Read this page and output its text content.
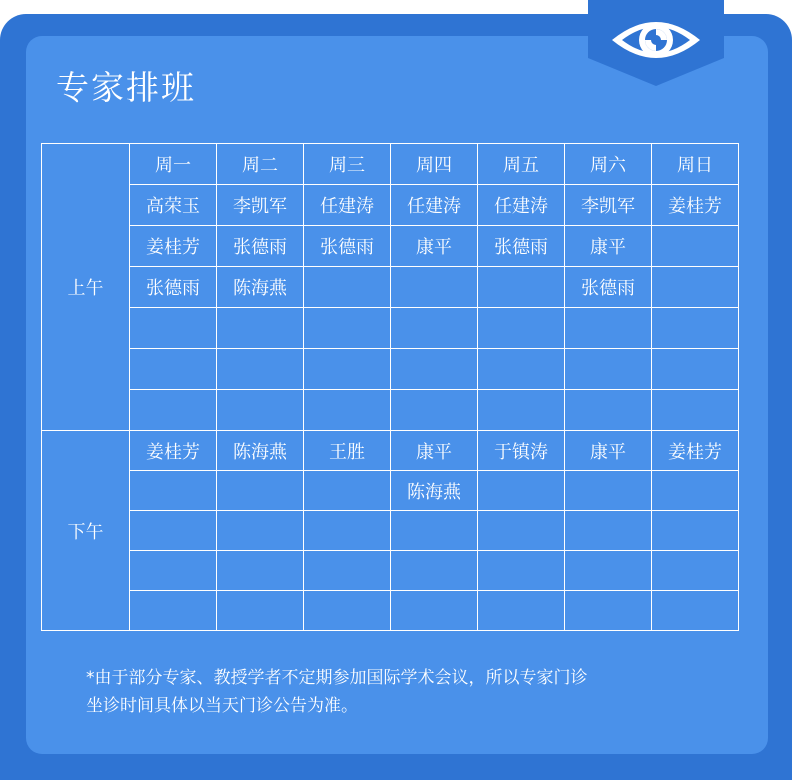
专家排班
上午	周一	周二	周三	周四	周五	周六	周日
	高荣玉	李凯军	任建涛	任建涛	任建涛	李凯军	姜桂芳
	姜桂芳	张德雨	张德雨	康平	张德雨	康平	
	张德雨	陈海燕				张德雨	

下午	姜桂芳	陈海燕	王胜	康平	于镇涛	康平	姜桂芳
				陈海燕			

*由于部分专家、教授学者不定期参加国际学术会议，所以专家门诊
坐诊时间具体以当天门诊公告为准。
